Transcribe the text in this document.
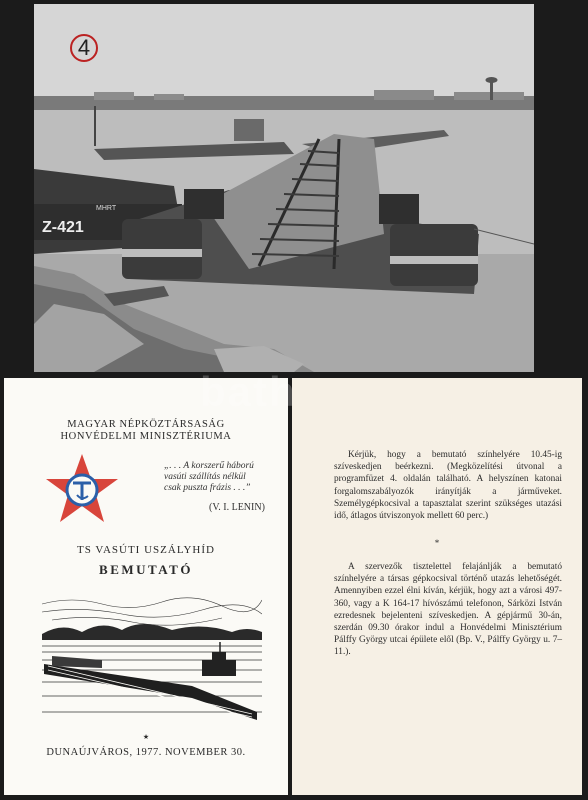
Z-421
MHRT
4
MAGYAR NÉPKÖZTÁRSASÁG
HONVÉDELMI MINISZTÉRIUMA
„. . . A korszerű háború
vasúti szállítás nélkül
csak puszta frázis . . .”
(V. I. LENIN)
TS VASÚTI USZÁLYHÍD
BEMUTATÓ
★
DUNAÚJVÁROS, 1977. NOVEMBER 30.
Kérjük, hogy a bemutató színhelyére 10.45-ig szíveskedjen beérkezni. (Megközelítési útvonal a programfüzet 4. oldalán található. A helyszínen katonai forgalomszabályozók irányítják a járműveket. Személygépkocsival a tapasztalat szerint szükséges utazási idő, átlagos útviszonyok mellett 60 perc.)
*
A szervezők tisztelettel felajánlják a bemutató színhelyére a társas gépkocsival történő utazás lehetőségét. Amennyiben ezzel élni kíván, kérjük, hogy azt a városi 497-360, vagy a K 164-17 hívószámú telefonon, Sárközi István ezredesnek bejelenteni szíveskedjen. A gépjármű 30-án, szerdán 09.30 órakor indul a Honvédelmi Minisztérium Pálffy György utcai épülete elől (Bp. V., Pálffy György u. 7–11.).
bath
